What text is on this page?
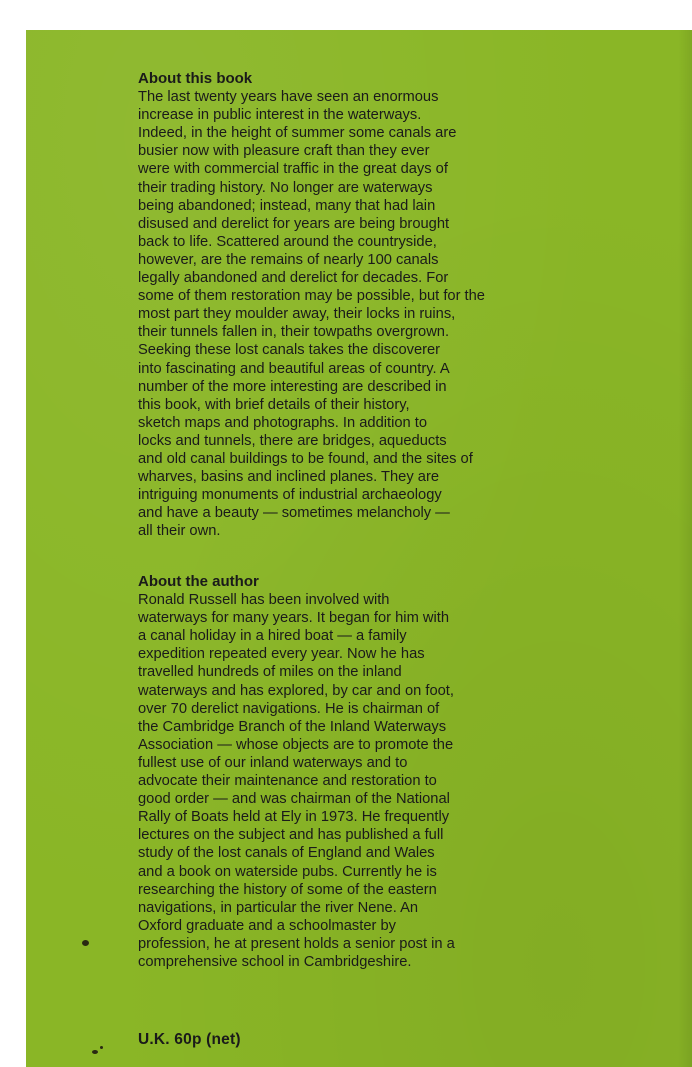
About this book

The last twenty years have seen an enormous

increase in public interest in the waterways.

Indeed, in the height of summer some canals are

busier now with pleasure craft than they ever

were with commercial traffic in the great days of

their trading history. No longer are waterways

being abandoned; instead, many that had lain

disused and derelict for years are being brought

back to life. Scattered around the countryside,

however, are the remains of nearly 100 canals

legally abandoned and derelict for decades. For

some of them restoration may be possible, but for the

most part they moulder away, their locks in ruins,

their tunnels fallen in, their towpaths overgrown.

Seeking these lost canals takes the discoverer

into fascinating and beautiful areas of country. A

number of the more interesting are described in

this book, with brief details of their history,

sketch maps and photographs. In addition to

locks and tunnels, there are bridges, aqueducts

and old canal buildings to be found, and the sites of

wharves, basins and inclined planes. They are

intriguing monuments of industrial archaeology

and have a beauty — sometimes melancholy —

all their own.

About the author

Ronald Russell has been involved with

waterways for many years. It began for him with

a canal holiday in a hired boat — a family

expedition repeated every year. Now he has

travelled hundreds of miles on the inland

waterways and has explored, by car and on foot,

over 70 derelict navigations. He is chairman of

the Cambridge Branch of the Inland Waterways

Association — whose objects are to promote the

fullest use of our inland waterways and to

advocate their maintenance and restoration to

good order — and was chairman of the National

Rally of Boats held at Ely in 1973. He frequently

lectures on the subject and has published a full

study of the lost canals of England and Wales

and a book on waterside pubs. Currently he is

researching the history of some of the eastern

navigations, in particular the river Nene. An

Oxford graduate and a schoolmaster by

profession, he at present holds a senior post in a

comprehensive school in Cambridgeshire.

U.K. 60p (net)
